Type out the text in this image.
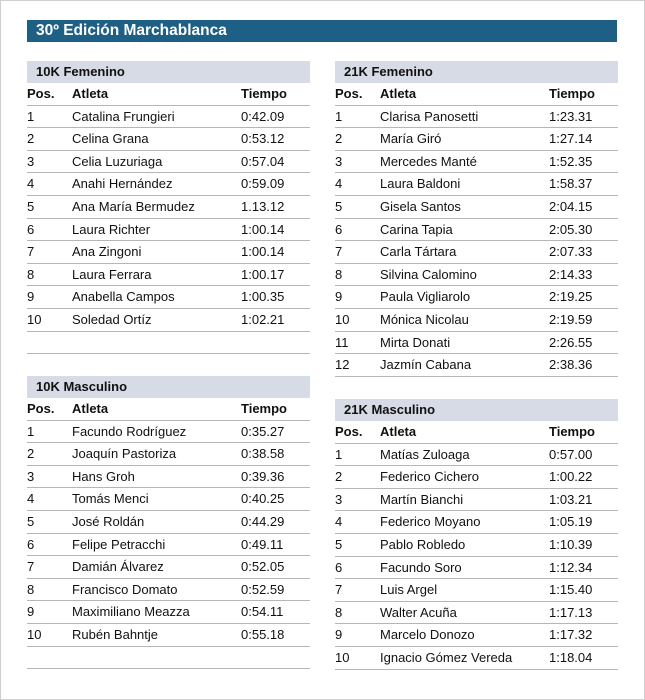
30º Edición Marchablanca
10K Femenino
Pos. Atleta	Tiempo
1	Catalina Frungieri	0:42.09
2	Celina Grana	0:53.12
3	Celia Luzuriaga	0:57.04
4	Anahi Hernández	0:59.09
5	Ana María Bermudez	1.13.12
6	Laura Richter	1:00.14
7	Ana Zingoni	1:00.14
8	Laura Ferrara	1:00.17
9	Anabella Campos	1:00.35
10 Soledad Ortíz	1:02.21
21K Femenino
Pos. Atleta	Tiempo
1	Clarisa Panosetti	1:23.31
2	María Giró	1:27.14
3	Mercedes Manté	1:52.35
4	Laura Baldoni	1:58.37
5	Gisela Santos	2:04.15
6	Carina Tapia	2:05.30
7	Carla Tártara	2:07.33
8	Silvina Calomino	2:14.33
9	Paula Vigliarolo	2:19.25
10 Mónica Nicolau	2:19.59
11 Mirta Donati	2:26.55
12 Jazmín Cabana	2:38.36
10K Masculino
Pos. Atleta	Tiempo
1	Facundo Rodríguez	0:35.27
2	Joaquín Pastoriza	0:38.58
3	Hans Groh	0:39.36
4	Tomás Menci	0:40.25
5	José Roldán	0:44.29
6	Felipe Petracchi	0:49.11
7	Damián Álvarez	0:52.05
8	Francisco Domato	0:52.59
9	Maximiliano Meazza	0:54.11
10 Rubén Bahntje	0:55.18
21K Masculino
Pos. Atleta	Tiempo
1	Matías Zuloaga	0:57.00
2	Federico Cichero	1:00.22
3	Martín Bianchi	1:03.21
4	Federico Moyano	1:05.19
5	Pablo Robledo	1:10.39
6	Facundo Soro	1:12.34
7	Luis Argel	1:15.40
8	Walter Acuña	1:17.13
9	Marcelo Donozo	1:17.32
10 Ignacio Gómez Vereda	1:18.04
